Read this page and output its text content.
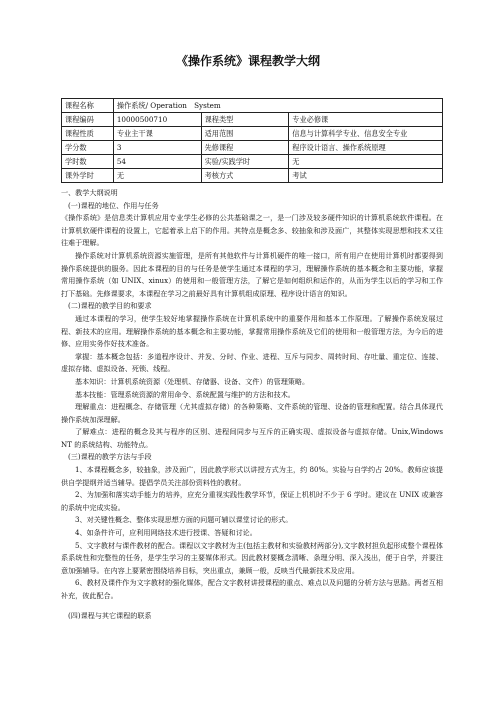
《操作系统》课程教学大纲
课程名称	操作系统/ Operation　System		
课程编码	10000500710	课程类型	专业必修课
课程性质	专业主干课	适用范围	信息与计算科学专业、信息安全专业
学分数	3	先修课程	程序设计语言、操作系统原理
学时数	54	实验/实践学时	无
课外学时	无	考核方式	考试

一、教学大纲说明

(一)课程的地位、作用与任务

《操作系统》是信息类计算机应用专业学生必修的公共基础课之一，是一门涉及较多硬件知识的计算机系统软件课程。在计算机软硬件课程的设置上，它起着承上启下的作用。其特点是概念多、较抽象和涉及面广，其整体实现思想和技术又往往难于理解。

操作系统对计算机系统资源实施管理，是所有其他软件与计算机硬件的唯一接口，所有用户在使用计算机时都要得到操作系统提供的服务。因此本课程的目的与任务是使学生通过本课程的学习，理解操作系统的基本概念和主要功能，掌握常用操作系统（如 UNIX、xinux）的使用和一般管理方法，了解它是如何组织和运作的，从而为学生以后的学习和工作打下基础。先修课要求，本课程在学习之前最好具有计算机组成原理、程序设计语言的知识。

(二)课程的教学目的和要求

通过本课程的学习，使学生较好地掌握操作系统在计算机系统中的重要作用和基本工作原理。了解操作系统发展过程、新技术的应用。理解操作系统的基本概念和主要功能，掌握常用操作系统及它们的使用和一般管理方法，为今后的进修、应用实务作好技术准备。

掌握：基本概念包括：多道程序设计、并发、分时、作业、进程、互斥与同步、周转时间、存吐量、重定位、连接、虚拟存储、虚拟设备、死锁、线程。

基本知识：计算机系统资源（处理机、存储器、设备、文件）的管理策略。

基本技能：管理系统资源的常用命令、系统配置与维护的方法和技术。

理解重点：进程概念、存储管理（尤其虚拟存储）的各种策略、文件系统的管理、设备的管理和配置。结合具体现代操作系统加深理解。

了解难点：进程的概念及其与程序的区别、进程间同步与互斥的正确实现、虚拟设备与虚拟存储。Unix,Windows NT 的系统结构、功能特点。

(三)课程的教学方法与手段

1、本课程概念多，较抽象，涉及面广，因此教学形式以讲授方式为主，约 80%。实验与自学约占 20%。教师应该提供自学提纲并适当辅导。提倡学员关注部份资料性的教材。

2、为加强和落实动手能力的培养，应充分重视实践性教学环节，保证上机机时不少于 6 学时。建议在 UNIX 或兼容的系统中完成实验。

3、对关键性概念、整体实现思想方面的问题可辅以课堂讨论的形式。

4、如条件许可，应利用网络技术进行授课、答疑和讨论。

5、文字教材与课件教材的配合。课程以文字教材为主(包括主教材和实验教材两部分),文字教材担负起形成整个课程体系系统性和完整性的任务，是学生学习的主要媒体形式。因此教材要概念清晰、条理分明、深入浅出，便于自学，并要注意加强辅导。在内容上要紧密围绕培养目标，突出重点，兼顾一般，反映当代最新技术及应用。

6、教材及课件作为文字教材的强化媒体，配合文字教材讲授课程的重点、难点以及问题的分析方法与思路。两者互相补充，彼此配合。

(四)课程与其它课程的联系
